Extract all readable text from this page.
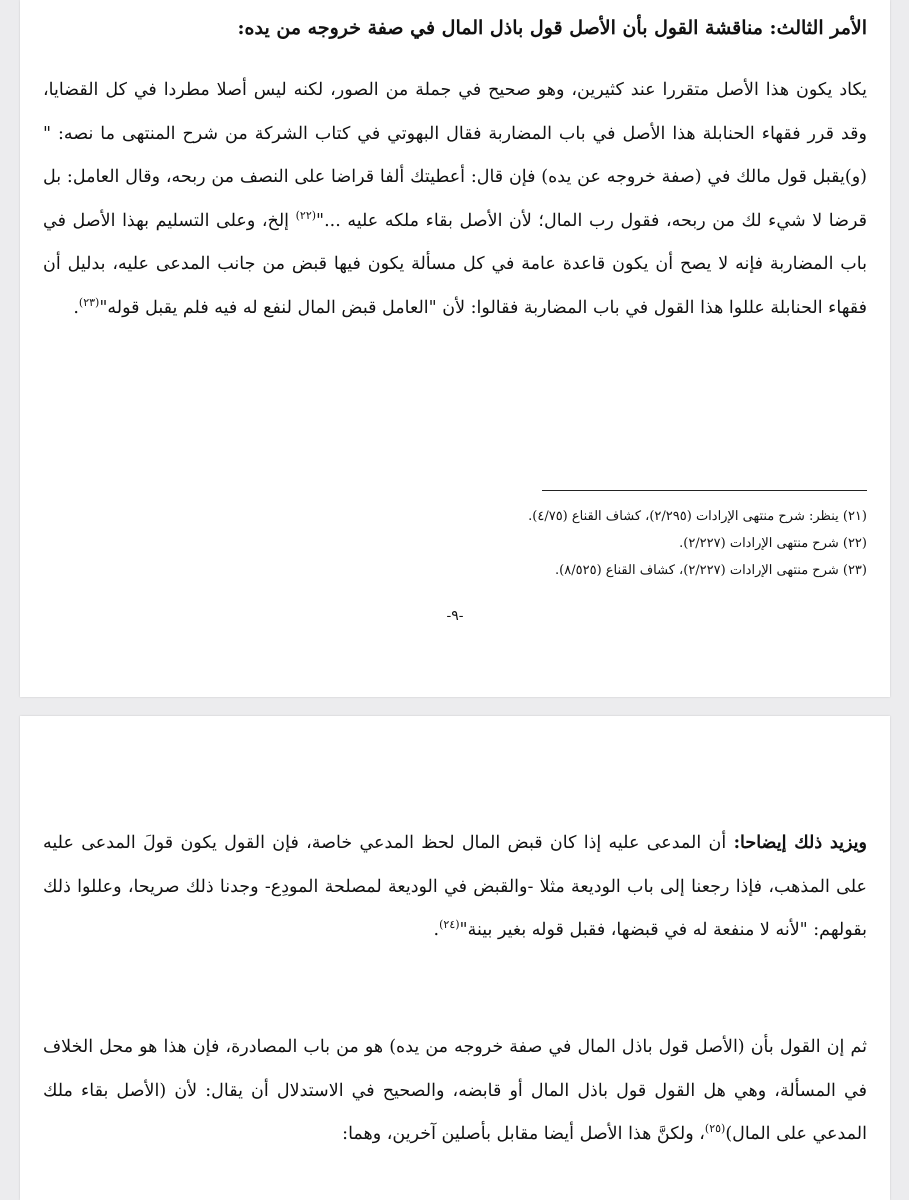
الأمر الثالث: مناقشة القول بأن الأصل قول باذل المال في صفة خروجه من يده:
يكاد يكون هذا الأصل متقررا عند كثيرين، وهو صحيح في جملة من الصور، لكنه ليس أصلا مطردا في كل القضايا، وقد قرر فقهاء الحنابلة هذا الأصل في باب المضاربة فقال البهوتي في كتاب الشركة من شرح المنتهى ما نصه: "(و)يقبل قول مالك في (صفة خروجه عن يده) فإن قال: أعطيتك ألفا قراضا على النصف من ربحه، وقال العامل: بل قرضا لا شيء لك من ربحه، فقول رب المال؛ لأن الأصل بقاء ملكه عليه ..."$^{(٢٢)}$ إلخ، وعلى التسليم بهذا الأصل في باب المضاربة فإنه لا يصح أن يكون قاعدة عامة في كل مسألة يكون فيها قبض من جانب المدعى عليه، بدليل أن فقهاء الحنابلة عللوا هذا القول في باب المضاربة فقالوا: لأن "العامل قبض المال لنفع له فيه فلم يقبل قوله"$^{(٢٣)}$.
(٢١) ينظر: شرح منتهى الإرادات (٢/٢٩٥)، كشاف القناع (٤/٧٥).
(٢٢) شرح منتهى الإرادات (٢/٢٢٧).
(٢٣) شرح منتهى الإرادات (٢/٢٢٧)، كشاف القناع (٨/٥٢٥).
-٩-
ويزيد ذلك إيضاحا: أن المدعى عليه إذا كان قبض المال لحظ المدعي خاصة، فإن القول يكون قولَ المدعى عليه على المذهب، فإذا رجعنا إلى باب الوديعة مثلا -والقبض في الوديعة لمصلحة المودِع- وجدنا ذلك صريحا، وعللوا ذلك بقولهم: "لأنه لا منفعة له في قبضها، فقبل قوله بغير بينة"$^{(٢٤)}$.
ثم إن القول بأن (الأصل قول باذل المال في صفة خروجه من يده) هو من باب المصادرة، فإن هذا هو محل الخلاف في المسألة، وهي هل القول قول باذل المال أو قابضه، والصحيح في الاستدلال أن يقال: لأن (الأصل بقاء ملك المدعي على المال)$^{(٢٥)}$، ولكنَّ هذا الأصل أيضا مقابل بأصلين آخرين، وهما:
